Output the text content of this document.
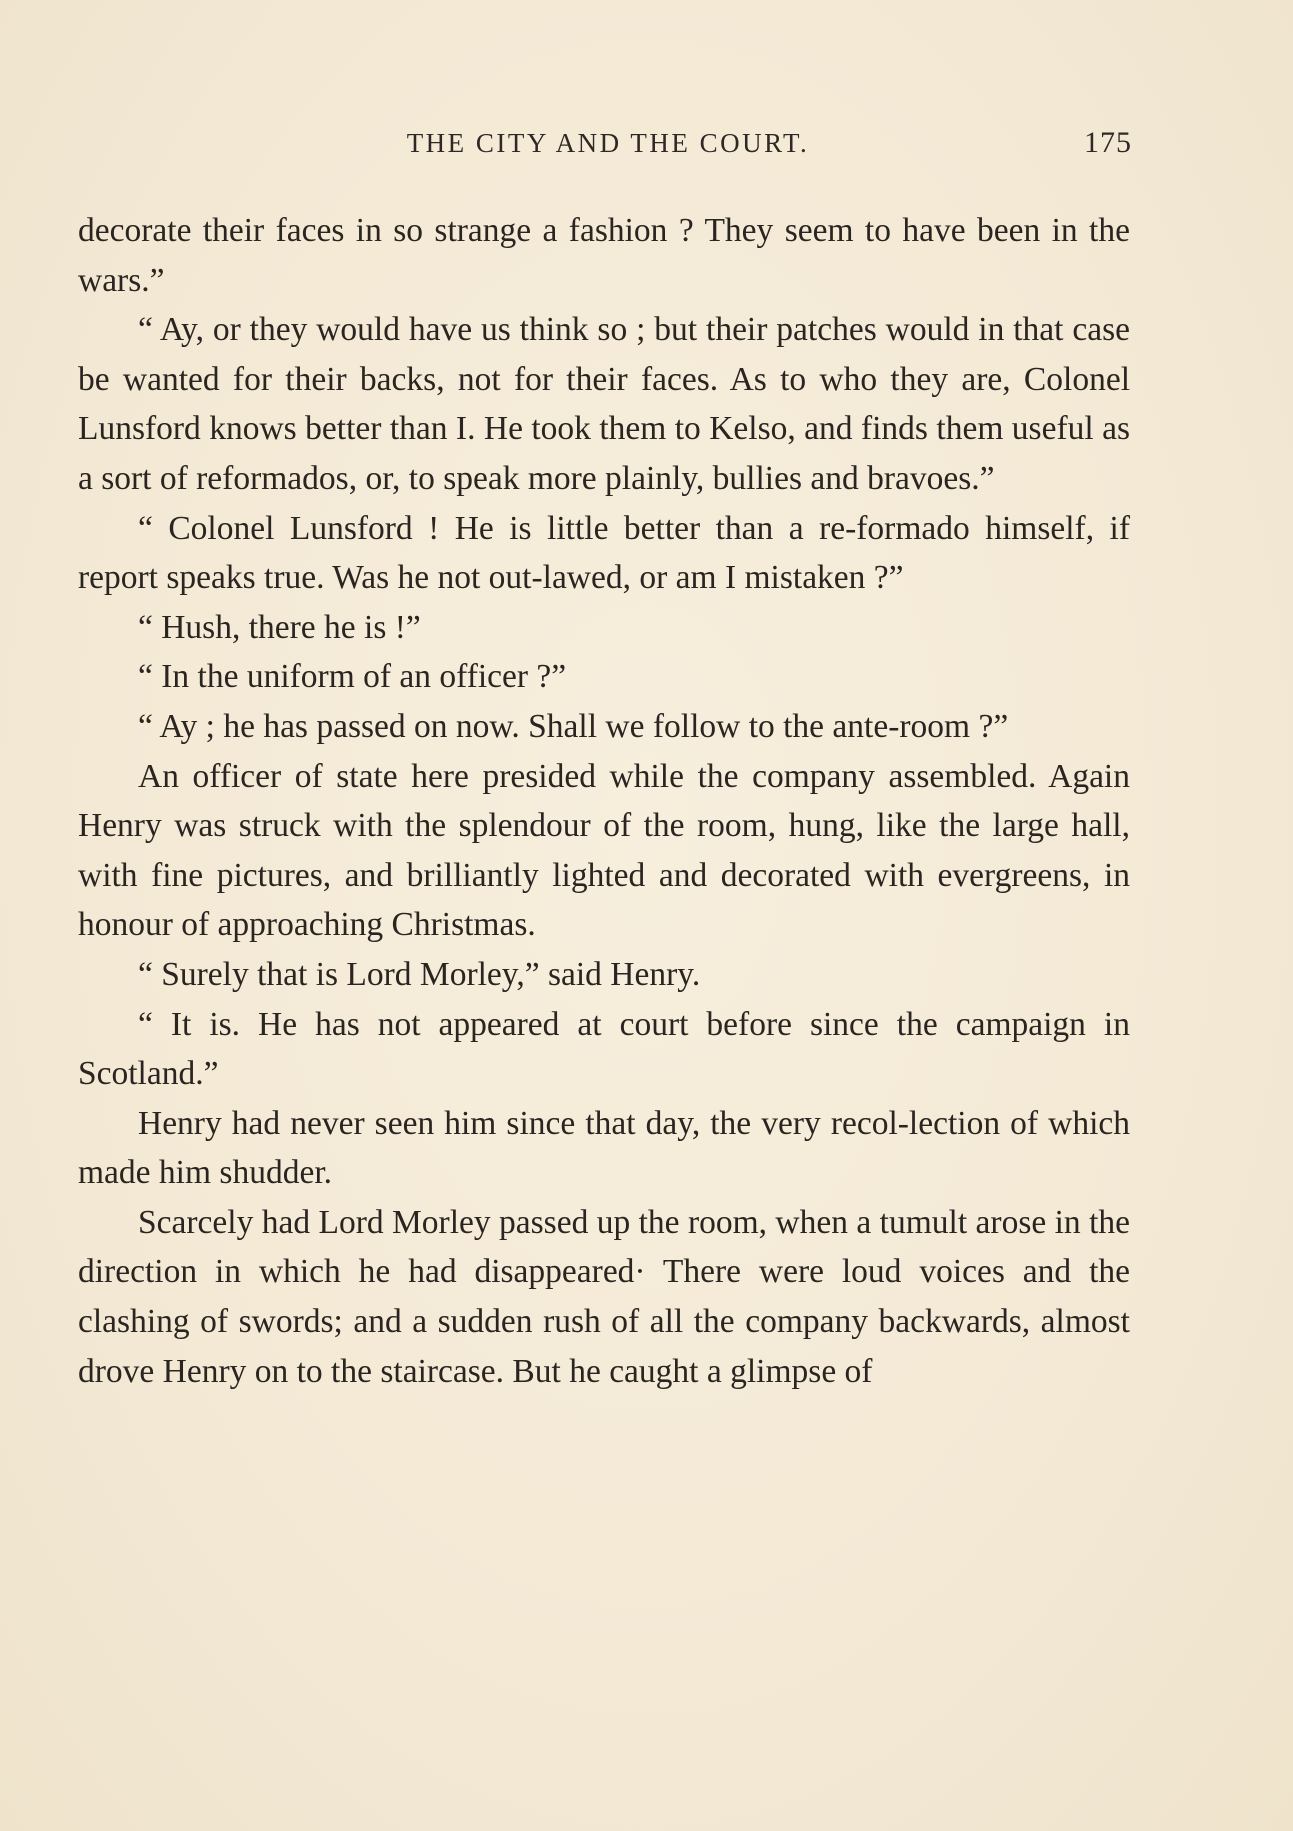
THE CITY AND THE COURT.	175

decorate their faces in so strange a fashion ? They seem to have been in the wars.”

“ Ay, or they would have us think so ; but their patches would in that case be wanted for their backs, not for their faces. As to who they are, Colonel Lunsford knows better than I. He took them to Kelso, and finds them useful as a sort of reformados, or, to speak more plainly, bullies and bravoes.”

“ Colonel Lunsford ! He is little better than a re-formado himself, if report speaks true. Was he not out-lawed, or am I mistaken ?”

“ Hush, there he is !”

“ In the uniform of an officer ?”

“ Ay ; he has passed on now. Shall we follow to the ante-room ?”

An officer of state here presided while the company assembled. Again Henry was struck with the splendour of the room, hung, like the large hall, with fine pictures, and brilliantly lighted and decorated with evergreens, in honour of approaching Christmas.

“ Surely that is Lord Morley,” said Henry.

“ It is. He has not appeared at court before since the campaign in Scotland.”

Henry had never seen him since that day, the very recol-lection of which made him shudder.

Scarcely had Lord Morley passed up the room, when a tumult arose in the direction in which he had disappeared· There were loud voices and the clashing of swords; and a sudden rush of all the company backwards, almost drove Henry on to the staircase. But he caught a glimpse of
